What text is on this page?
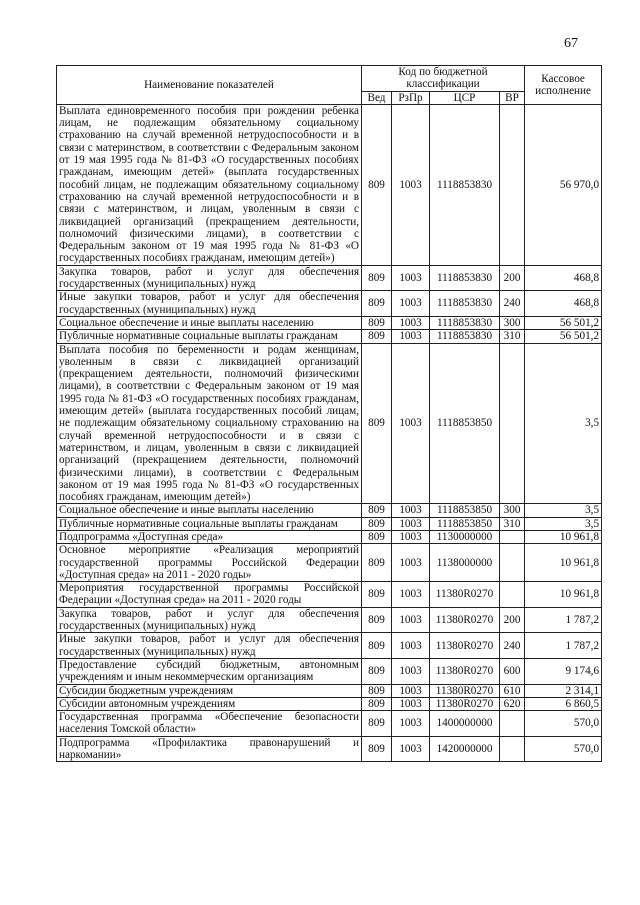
67
Наименование показателей	Код по бюджетной классификации				Кассовое исполнение
	Вед	РзПр	ЦСР	ВР	
Выплата единовременного пособия при рождении ребенка лицам, не подлежащим обязательному социальному страхованию на случай временной нетрудоспособности и в связи с материнством, в соответствии с Федеральным законом от 19 мая 1995 года № 81-ФЗ «О государственных пособиях гражданам, имеющим детей» (выплата государственных пособий лицам, не подлежащим обязательному социальному страхованию на случай временной нетрудоспособности и в связи с материнством, и лицам, уволенным в связи с ликвидацией организаций (прекращением деятельности, полномочий физическими лицами), в соответствии с Федеральным законом от 19 мая 1995 года № 81-ФЗ «О государственных пособиях гражданам, имеющим детей»)	809	1003	1118853830		56 970,0
Закупка товаров, работ и услуг для обеспечения государственных (муниципальных) нужд	809	1003	1118853830	200	468,8
Иные закупки товаров, работ и услуг для обеспечения государственных (муниципальных) нужд	809	1003	1118853830	240	468,8
Социальное обеспечение и иные выплаты населению	809	1003	1118853830	300	56 501,2
Публичные нормативные социальные выплаты гражданам	809	1003	1118853830	310	56 501,2
Выплата пособия по беременности и родам женщинам, уволенным в связи с ликвидацией организаций (прекращением деятельности, полномочий физическими лицами), в соответствии с Федеральным законом от 19 мая 1995 года № 81-ФЗ «О государственных пособиях гражданам, имеющим детей» (выплата государственных пособий лицам, не подлежащим обязательному социальному страхованию на случай временной нетрудоспособности и в связи с материнством, и лицам, уволенным в связи с ликвидацией организаций (прекращением деятельности, полномочий физическими лицами), в соответствии с Федеральным законом от 19 мая 1995 года № 81-ФЗ «О государственных пособиях гражданам, имеющим детей»)	809	1003	1118853850		3,5
Социальное обеспечение и иные выплаты населению	809	1003	1118853850	300	3,5
Публичные нормативные социальные выплаты гражданам	809	1003	1118853850	310	3,5
Подпрограмма «Доступная среда»	809	1003	1130000000		10 961,8
Основное мероприятие «Реализация мероприятий государственной программы Российской Федерации «Доступная среда» на 2011 - 2020 годы»	809	1003	1138000000		10 961,8
Мероприятия государственной программы Российской Федерации «Доступная среда» на 2011 - 2020 годы	809	1003	11380R0270		10 961,8
Закупка товаров, работ и услуг для обеспечения государственных (муниципальных) нужд	809	1003	11380R0270	200	1 787,2
Иные закупки товаров, работ и услуг для обеспечения государственных (муниципальных) нужд	809	1003	11380R0270	240	1 787,2
Предоставление субсидий бюджетным, автономным учреждениям и иным некоммерческим организациям	809	1003	11380R0270	600	9 174,6
Субсидии бюджетным учреждениям	809	1003	11380R0270	610	2 314,1
Субсидии автономным учреждениям	809	1003	11380R0270	620	6 860,5
Государственная программа «Обеспечение безопасности населения Томской области»	809	1003	1400000000		570,0
Подпрограмма «Профилактика правонарушений и наркомании»	809	1003	1420000000		570,0
